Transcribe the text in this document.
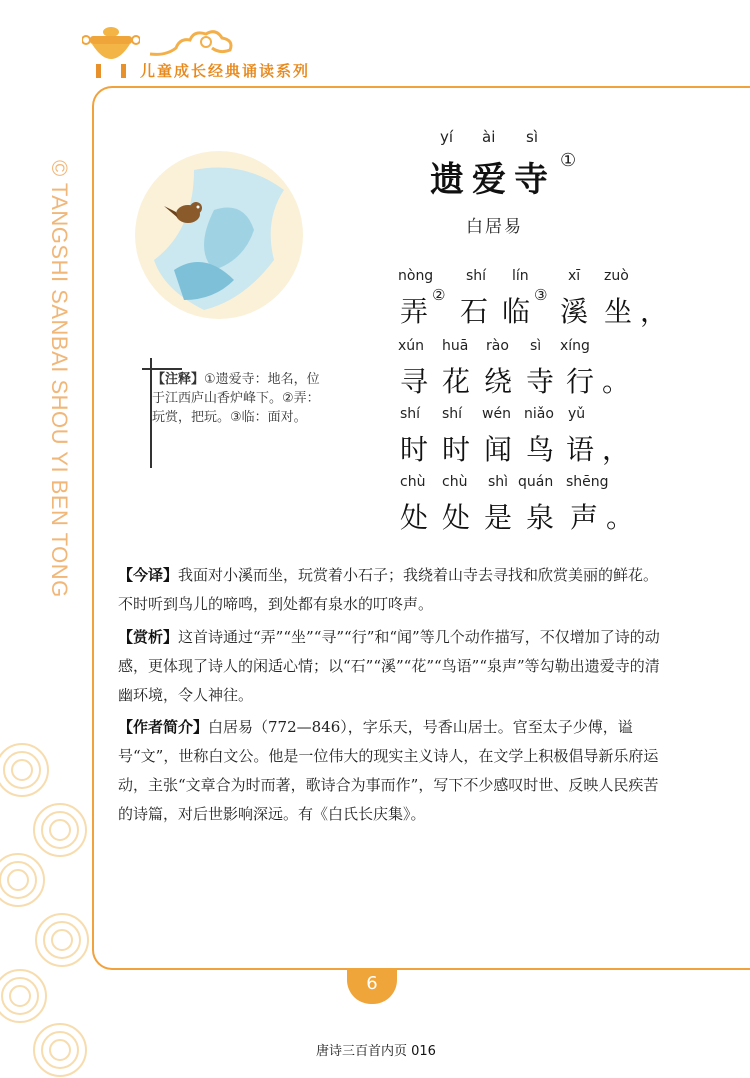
儿童成长经典诵读系列
© TANGSHI SANBAI SHOU YI BEN TONG	【注释】①遗爱寺：地名，位于江西庐山香炉峰下。②弄：玩赏，把玩。③临：面对。
yí ài sì
遗 爱 寺 ①
白居易
nòng shí lín	xī zuò
弄 ② 石 临 ③ 溪 坐 ，
xún huā rào sì xíng
寻 花 绕 寺 行 。
shí shí wén niǎo yǔ
时 时 闻 鸟 语 ，
chù chù shì quán shēng
处 处 是 泉 声 。
【今译】我面对小溪而坐，玩赏着小石子；我绕着山寺去寻找和欣赏美丽的鲜花。不时听到鸟儿的啼鸣，到处都有泉水的叮咚声。
【赏析】这首诗通过“弄”“坐”“寻”“行”和“闻”等几个动作描写，不仅增加了诗的动感，更体现了诗人的闲适心情；以“石”“溪”“花”“鸟语”“泉声”等勾勒出遗爱寺的清幽环境，令人神往。
【作者简介】白居易（772—846），字乐天，号香山居士。官至太子少傅，谥号“文”，世称白文公。他是一位伟大的现实主义诗人，在文学上积极倡导新乐府运动，主张“文章合为时而著，歌诗合为事而作”，写下不少感叹时世、反映人民疾苦的诗篇，对后世影响深远。有《白氏长庆集》。
6
唐诗三百首内页 016
